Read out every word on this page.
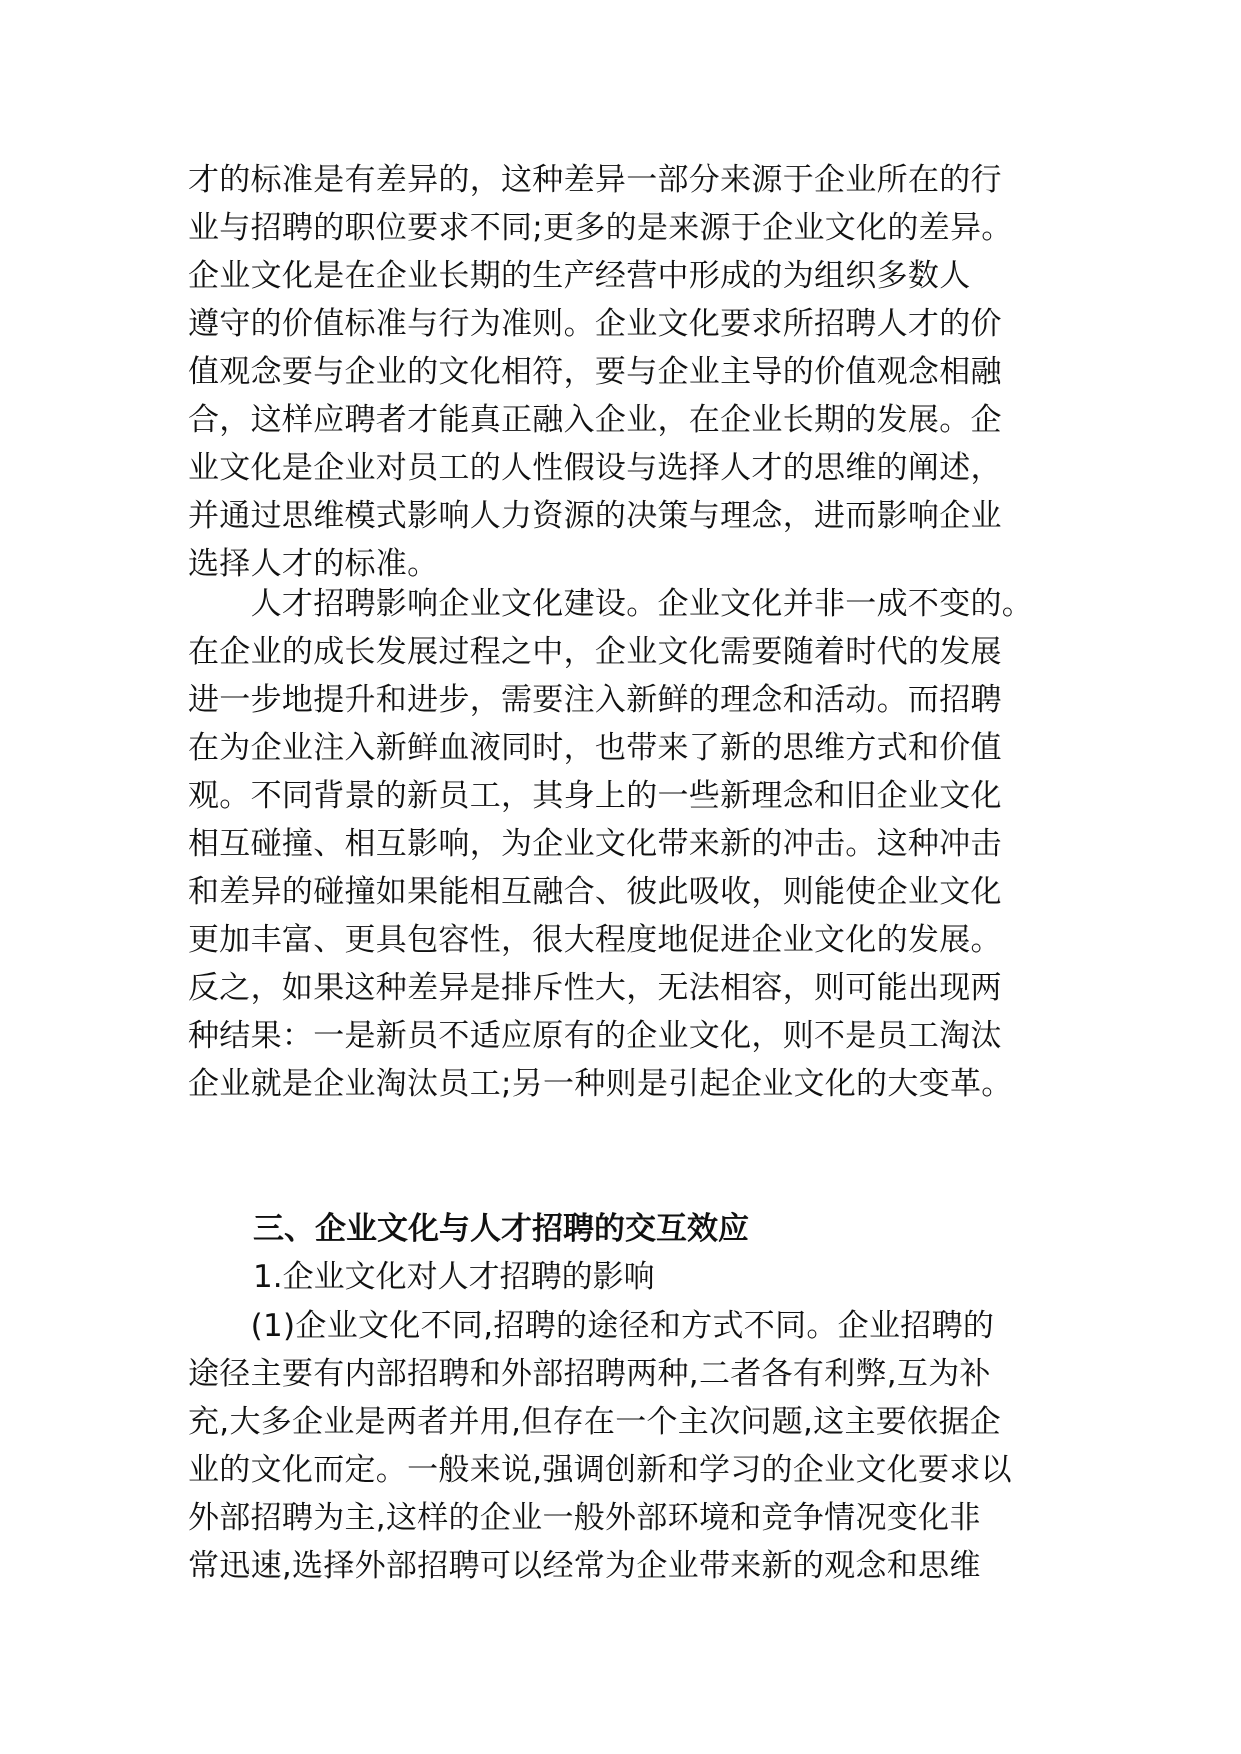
才的标准是有差异的，这种差异一部分来源于企业所在的行
业与招聘的职位要求不同;更多的是来源于企业文化的差异。
企业文化是在企业长期的生产经营中形成的为组织多数人
遵守的价值标准与行为准则。企业文化要求所招聘人才的价
值观念要与企业的文化相符，要与企业主导的价值观念相融
合，这样应聘者才能真正融入企业，在企业长期的发展。企
业文化是企业对员工的人性假设与选择人才的思维的阐述，
并通过思维模式影响人力资源的决策与理念，进而影响企业
选择人才的标准。
　　人才招聘影响企业文化建设。企业文化并非一成不变的。
在企业的成长发展过程之中，企业文化需要随着时代的发展
进一步地提升和进步，需要注入新鲜的理念和活动。而招聘
在为企业注入新鲜血液同时，也带来了新的思维方式和价值
观。不同背景的新员工，其身上的一些新理念和旧企业文化
相互碰撞、相互影响，为企业文化带来新的冲击。这种冲击
和差异的碰撞如果能相互融合、彼此吸收，则能使企业文化
更加丰富、更具包容性，很大程度地促进企业文化的发展。
反之，如果这种差异是排斥性大，无法相容，则可能出现两
种结果：一是新员不适应原有的企业文化，则不是员工淘汰
企业就是企业淘汰员工;另一种则是引起企业文化的大变革。
三、企业文化与人才招聘的交互效应
1.企业文化对人才招聘的影响
　　(1)企业文化不同,招聘的途径和方式不同。企业招聘的
途径主要有内部招聘和外部招聘两种,二者各有利弊,互为补
充,大多企业是两者并用,但存在一个主次问题,这主要依据企
业的文化而定。一般来说,强调创新和学习的企业文化要求以
外部招聘为主,这样的企业一般外部环境和竞争情况变化非
常迅速,选择外部招聘可以经常为企业带来新的观念和思维
